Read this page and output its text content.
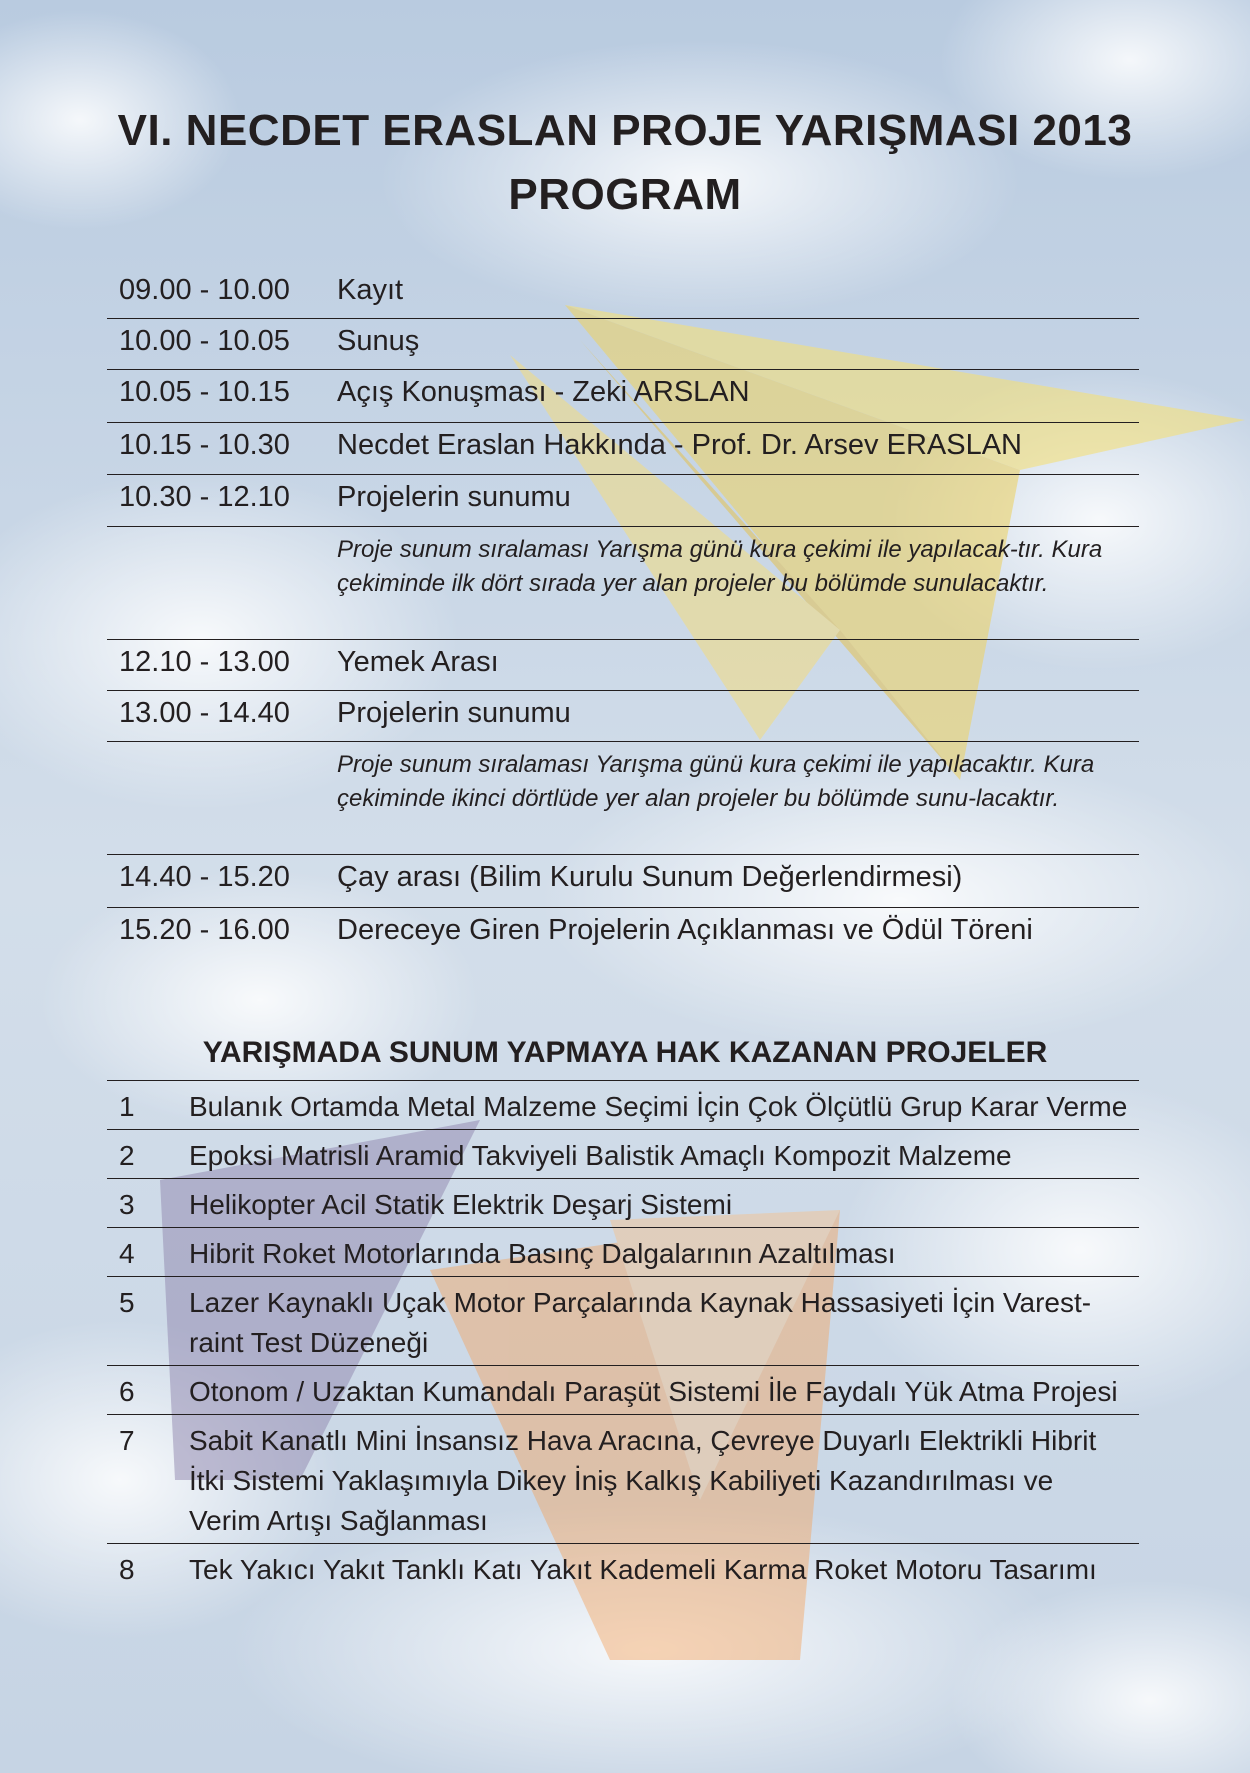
VI. NECDET ERASLAN PROJE YARIŞMASI 2013
PROGRAM
09.00 - 10.00	Kayıt
10.00 - 10.05	Sunuş
10.05 - 10.15	Açış Konuşması - Zeki ARSLAN
10.15 - 10.30	Necdet Eraslan Hakkında - Prof. Dr. Arsev ERASLAN
10.30 - 12.10	Projelerin sunumu
Proje sunum sıralaması Yarışma günü kura çekimi ile yapılacak-tır. Kura çekiminde ilk dört sırada yer alan projeler bu bölümde sunulacaktır.
12.10 - 13.00	Yemek Arası
13.00 - 14.40	Projelerin sunumu
Proje sunum sıralaması Yarışma günü kura çekimi ile yapılacaktır. Kura çekiminde ikinci dörtlüde yer alan projeler bu bölümde sunu-lacaktır.
14.40 - 15.20	Çay arası (Bilim Kurulu Sunum Değerlendirmesi)
15.20 - 16.00	Dereceye Giren Projelerin Açıklanması ve Ödül Töreni
YARIŞMADA SUNUM YAPMAYA HAK KAZANAN PROJELER
1	Bulanık Ortamda Metal Malzeme Seçimi İçin Çok Ölçütlü Grup Karar Verme
2	Epoksi Matrisli Aramid Takviyeli Balistik Amaçlı Kompozit Malzeme
3	Helikopter Acil Statik Elektrik Deşarj Sistemi
4	Hibrit Roket Motorlarında Basınç Dalgalarının Azaltılması
5	Lazer Kaynaklı Uçak Motor Parçalarında Kaynak Hassasiyeti İçin Varest-raint Test Düzeneği
6	Otonom / Uzaktan Kumandalı Paraşüt Sistemi İle Faydalı Yük Atma Projesi
7	Sabit Kanatlı Mini İnsansız Hava Aracına, Çevreye Duyarlı Elektrikli Hibrit İtki Sistemi Yaklaşımıyla Dikey İniş Kalkış Kabiliyeti Kazandırılması ve Verim Artışı Sağlanması
8	Tek Yakıcı Yakıt Tanklı Katı Yakıt Kademeli Karma Roket Motoru Tasarımı
